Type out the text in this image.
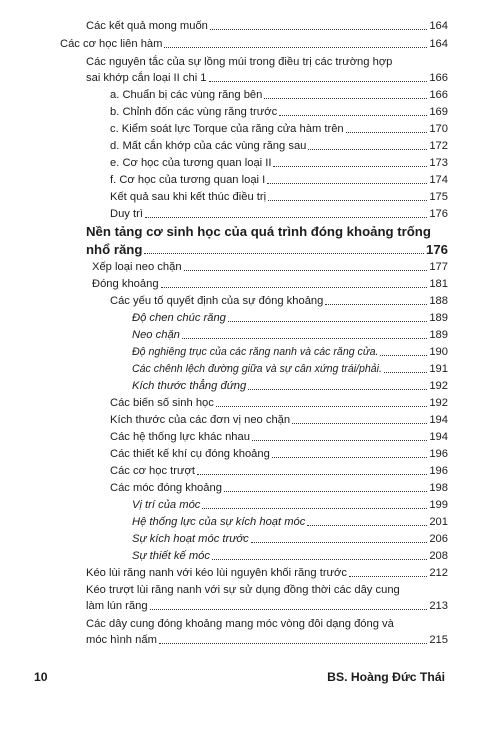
Các kết quả mong muốn	164
Các cơ học liên hàm	164
Các nguyên tắc của sự lồng múi trong điều trị các trường hợp
sai khớp cắn loại II chi 1	166
a. Chuẩn bị các vùng răng bên	166
b. Chỉnh đốn các vùng răng trước	169
c. Kiểm soát lực Torque của răng cửa hàm trên	170
d. Mất cắn khớp của các vùng răng sau	172
e. Cơ học của tương quan loại II	173
f. Cơ học của tương quan loại I	174
Kết quả sau khi kết thúc điều trị	175
Duy trì	176
Nền tảng cơ sinh học của quá trình đóng khoảng trống
nhổ răng	176
Xếp loại neo chặn	177
Đóng khoảng	181
Các yếu tố quyết định của sự đóng khoảng	188
Độ chen chúc răng	189
Neo chặn	189
Độ nghiêng trục của các răng nanh và các răng cửa.	190
Các chênh lệch đường giữa và sự cân xứng trái/phải.	191
Kích thước thẳng đứng	192
Các biến số sinh học	192
Kích thước của các đơn vị neo chặn	194
Các hệ thống lực khác nhau	194
Các thiết kế khí cụ đóng khoảng	196
Các cơ học trượt	196
Các móc đóng khoảng	198
Vị trí của móc	199
Hệ thống lực của sự kích hoạt móc	201
Sự kích hoạt móc trước	206
Sự thiết kế móc	208
Kéo lùi răng nanh với kéo lùi nguyên khối răng trước	212
Kéo trượt lùi răng nanh với sự sử dụng đồng thời các dây cung
làm lún răng	213
Các dây cung đóng khoảng mang móc vòng đôi dạng đóng và
móc hình nấm	215
10	BS. Hoàng Đức Thái
